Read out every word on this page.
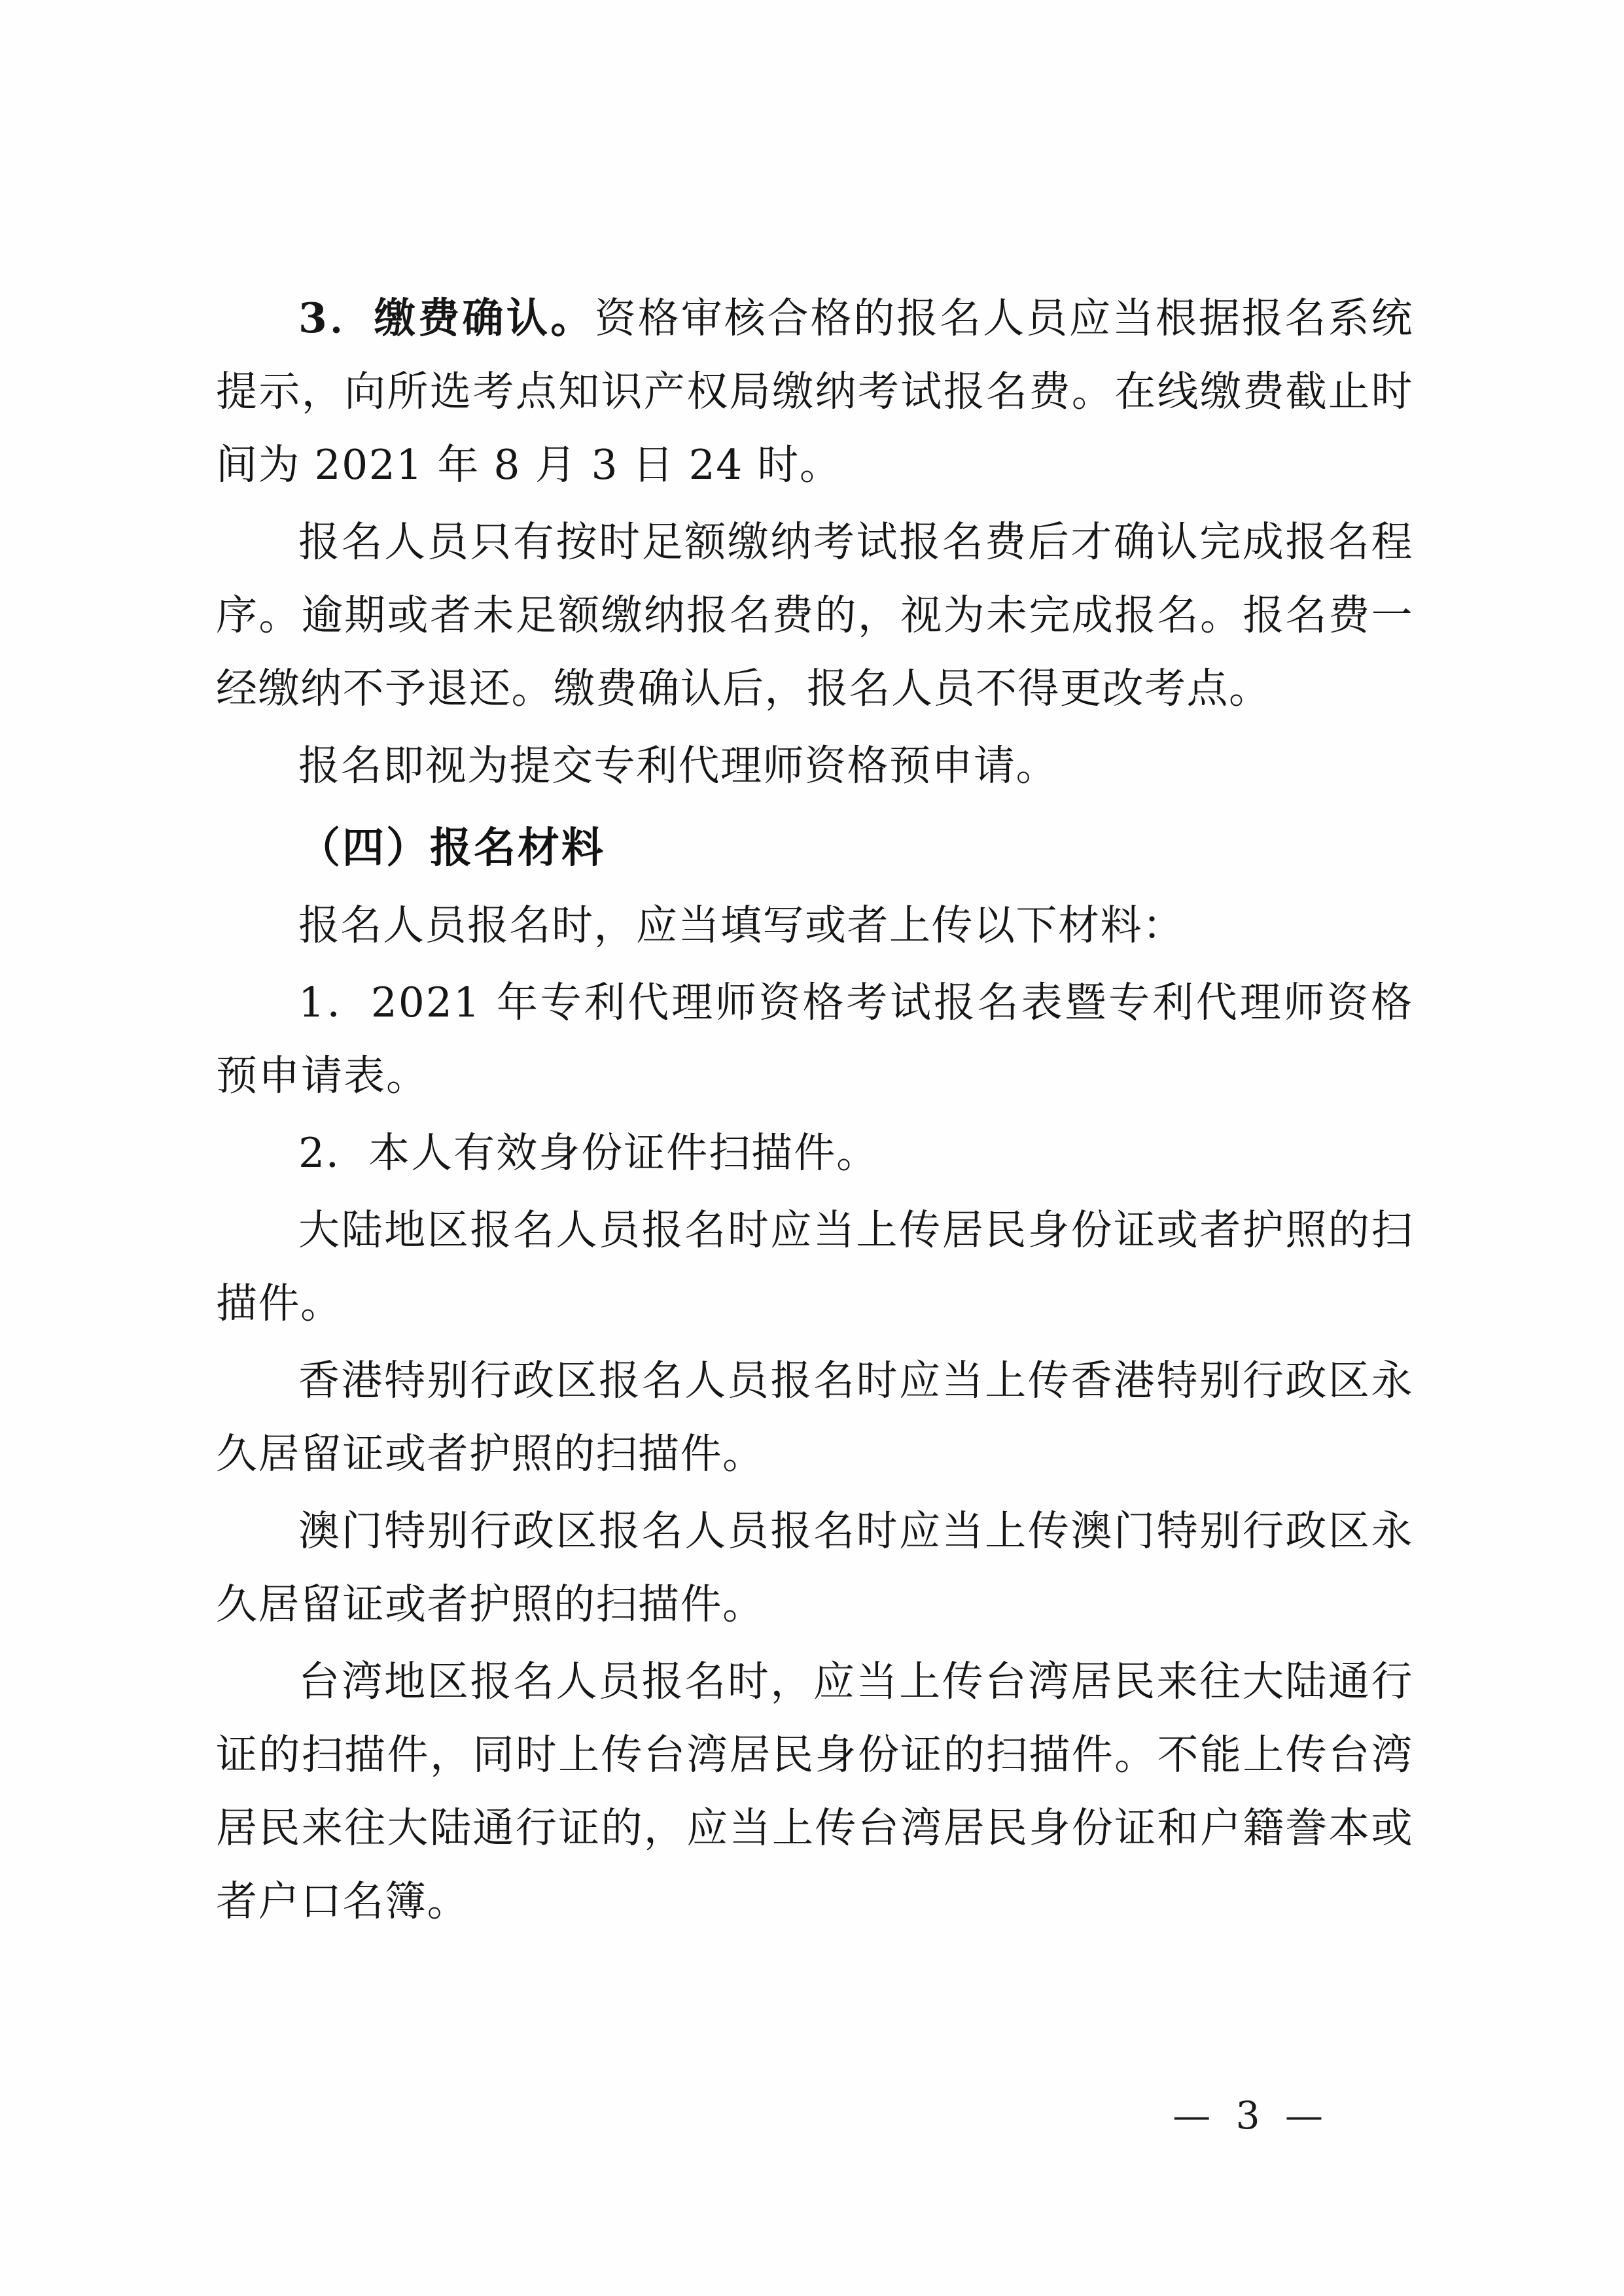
3．缴费确认。资格审核合格的报名人员应当根据报名系统提示，向所选考点知识产权局缴纳考试报名费。在线缴费截止时间为 2021 年 8 月 3 日 24 时。

报名人员只有按时足额缴纳考试报名费后才确认完成报名程序。逾期或者未足额缴纳报名费的，视为未完成报名。报名费一经缴纳不予退还。缴费确认后，报名人员不得更改考点。

报名即视为提交专利代理师资格预申请。

（四）报名材料

报名人员报名时，应当填写或者上传以下材料：

1．2021 年专利代理师资格考试报名表暨专利代理师资格预申请表。

2．本人有效身份证件扫描件。

大陆地区报名人员报名时应当上传居民身份证或者护照的扫描件。

香港特别行政区报名人员报名时应当上传香港特别行政区永久居留证或者护照的扫描件。

澳门特别行政区报名人员报名时应当上传澳门特别行政区永久居留证或者护照的扫描件。

台湾地区报名人员报名时，应当上传台湾居民来往大陆通行证的扫描件，同时上传台湾居民身份证的扫描件。不能上传台湾居民来往大陆通行证的，应当上传台湾居民身份证和户籍誊本或者户口名簿。

— 3 —
